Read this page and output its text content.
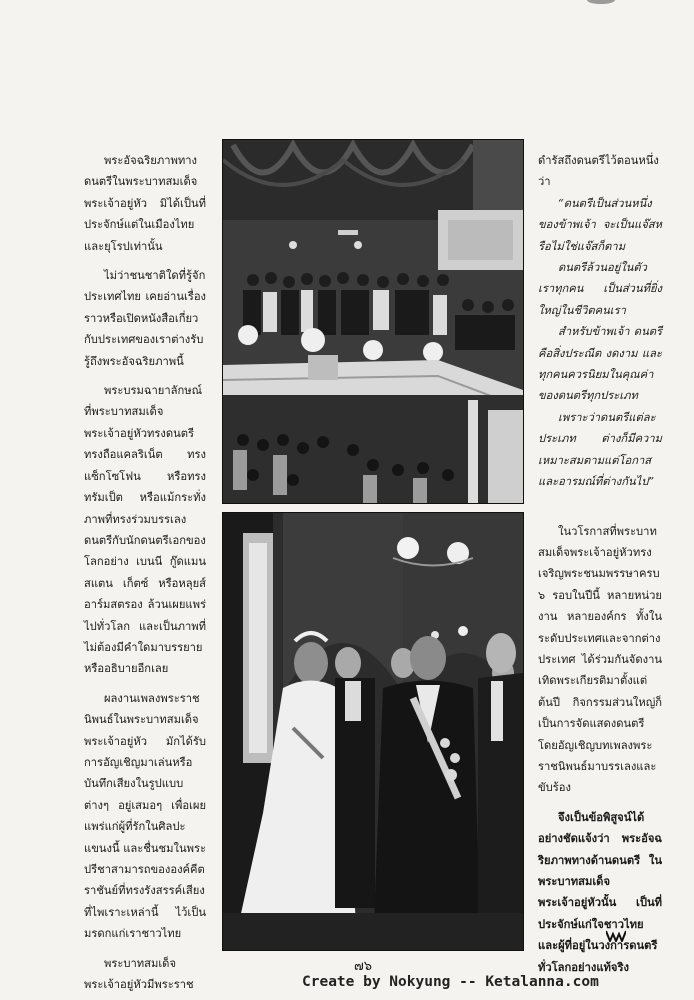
พระอัจฉริยภาพทางดนตรีในพระบาทสมเด็จพระเจ้าอยู่หัว มิได้เป็นที่ประจักษ์แต่ในเมืองไทยและยุโรปเท่านั้น

ไม่ว่าชนชาติใดที่รู้จักประเทศไทย เคยอ่านเรื่องราวหรือเปิดหนังสือเกี่ยวกับประเทศของเราต่างรับรู้ถึงพระอัจฉริยภาพนี้

พระบรมฉายาลักษณ์ที่พระบาทสมเด็จพระเจ้าอยู่หัวทรงดนตรี ทรงถือแคลริเน็ต ทรงแซ็กโซโฟน หรือทรงทรัมเป็ต หรือแม้กระทั่งภาพที่ทรงร่วมบรรเลงดนตรีกับนักดนตรีเอกของโลกอย่าง เบนนี กู๊ดแมน สแตน เก็ตซ์ หรือหลุยส์ อาร์มสตรอง ล้วนเผยแพร่ไปทั่วโลก และเป็นภาพที่ไม่ต้องมีคำใดมาบรรยายหรืออธิบายอีกเลย

ผลงานเพลงพระราชนิพนธ์ในพระบาทสมเด็จพระเจ้าอยู่หัว มักได้รับการอัญเชิญมาเล่นหรือบันทึกเสียงในรูปแบบต่างๆ อยู่เสมอๆ เพื่อเผยแพร่แก่ผู้ที่รักในศิลปะแขนงนี้ และชื่นชมในพระปรีชาสามารถขององค์คีตราชันย์ที่ทรงรังสรรค์เสียงที่ไพเราะเหล่านี้ ไว้เป็นมรดกแก่เราชาวไทย

พระบาทสมเด็จพระเจ้าอยู่หัวมีพระราช

ดำรัสถึงดนตรีไว้ตอนหนึ่งว่า

“ดนตรีเป็นส่วนหนึ่งของข้าพเจ้า จะเป็นแจ๊สหรือไม่ใช่แจ๊สก็ตาม

ดนตรีล้วนอยู่ในตัวเราทุกคน เป็นส่วนที่ยิ่งใหญ่ในชีวิตคนเรา

สำหรับข้าพเจ้า ดนตรีคือสิ่งประณีต งดงาม และทุกคนควรนิยมในคุณค่าของดนตรีทุกประเภท

เพราะว่าดนตรีแต่ละประเภท ต่างก็มีความเหมาะสมตามแต่โอกาสและอารมณ์ที่ต่างกันไป”

ในวโรกาสที่พระบาทสมเด็จพระเจ้าอยู่หัวทรงเจริญพระชนมพรรษาครบ ๖ รอบในปีนี้ หลายหน่วยงาน หลายองค์กร ทั้งในระดับประเทศและจากต่างประเทศ ได้ร่วมกันจัดงานเทิดพระเกียรติมาตั้งแต่ต้นปี กิจกรรมส่วนใหญ่ก็เป็นการจัดแสดงดนตรีโดยอัญเชิญบทเพลงพระราชนิพนธ์มาบรรเลงและขับร้อง

จึงเป็นข้อพิสูจน์ได้อย่างชัดแจ้งว่า พระอัจฉริยภาพทางด้านดนตรี ในพระบาทสมเด็จพระเจ้าอยู่หัวนั้น เป็นที่ประจักษ์แก่ใจชาวไทยและผู้ที่อยู่ในวงการดนตรีทั่วโลกอย่างแท้จริง

๗๖
Create by Nokyung -- Ketalanna.com
